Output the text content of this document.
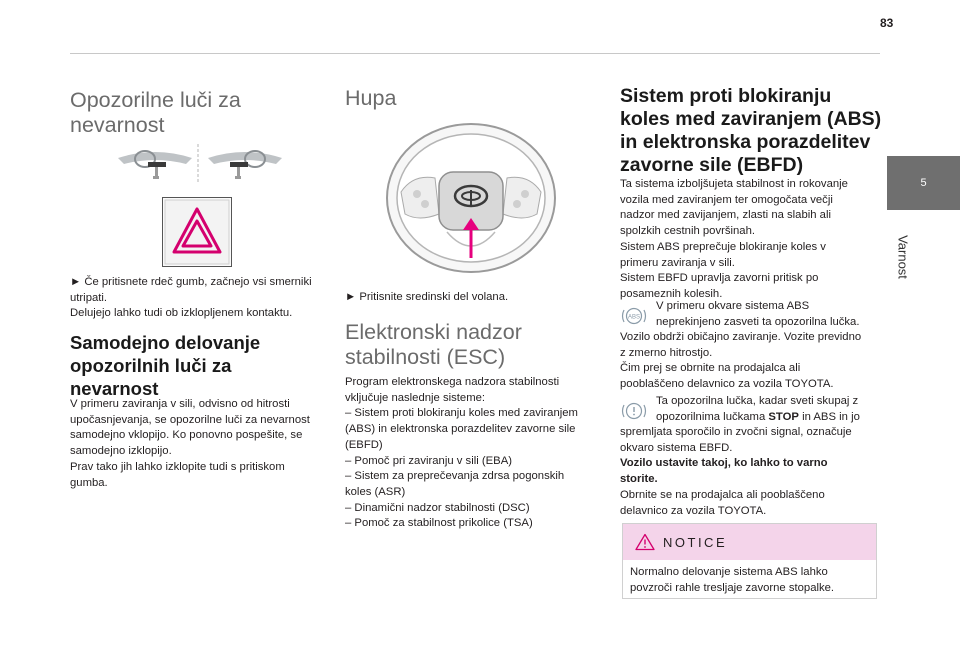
83
5
Varnost
Opozorilne luči za
nevarnost

► Če pritisnete rdeč gumb, začnejo vsi smerniki

utripati.

Delujejo lahko tudi ob izklopljenem kontaktu.

Samodejno delovanje
opozorilnih luči za
nevarnost

V primeru zaviranja v sili, odvisno od hitrosti

upočasnjevanja, se opozorilne luči za nevarnost

samodejno vklopijo. Ko ponovno pospešite, se

samodejno izklopijo.

Prav tako jih lahko izklopite tudi s pritiskom

gumba.

Hupa
► Pritisnite sredinski del volana.
Elektronski nadzor
stabilnosti (ESC)

Program elektronskega nadzora stabilnosti

vključuje naslednje sisteme:

– Sistem proti blokiranju koles med zaviranjem

(ABS) in elektronska porazdelitev zavorne sile

(EBFD)

– Pomoč pri zaviranju v sili (EBA)

– Sistem za preprečevanja zdrsa pogonskih

koles (ASR)

– Dinamični nadzor stabilnosti (DSC)

– Pomoč za stabilnost prikolice (TSA)

Sistem proti blokiranju
koles med zaviranjem (ABS)
in elektronska porazdelitev
zavorne sile (EBFD)

Ta sistema izboljšujeta stabilnost in rokovanje

vozila med zaviranjem ter omogočata večji

nadzor med zavijanjem, zlasti na slabih ali

spolzkih cestnih površinah.

Sistem ABS preprečuje blokiranje koles v

primeru zaviranja v sili.

Sistem EBFD upravlja zavorni pritisk po

posameznih kolesih.

ABS

V primeru okvare sistema ABS

neprekinjeno zasveti ta opozorilna lučka.

Vozilo obdrži običajno zaviranje. Vozite previdno

z zmerno hitrostjo.

Čim prej se obrnite na prodajalca ali

pooblaščeno delavnico za vozila TOYOTA.

Ta opozorilna lučka, kadar sveti skupaj z

opozorilnima lučkama STOP in ABS in jo

spremljata sporočilo in zvočni signal, označuje

okvaro sistema EBFD.

Vozilo ustavite takoj, ko lahko to varno

storite.

Obrnite se na prodajalca ali pooblaščeno

delavnico za vozila TOYOTA.

NOTICE
Normalno delovanje sistema ABS lahko
povzroči rahle tresljaje zavorne stopalke.
